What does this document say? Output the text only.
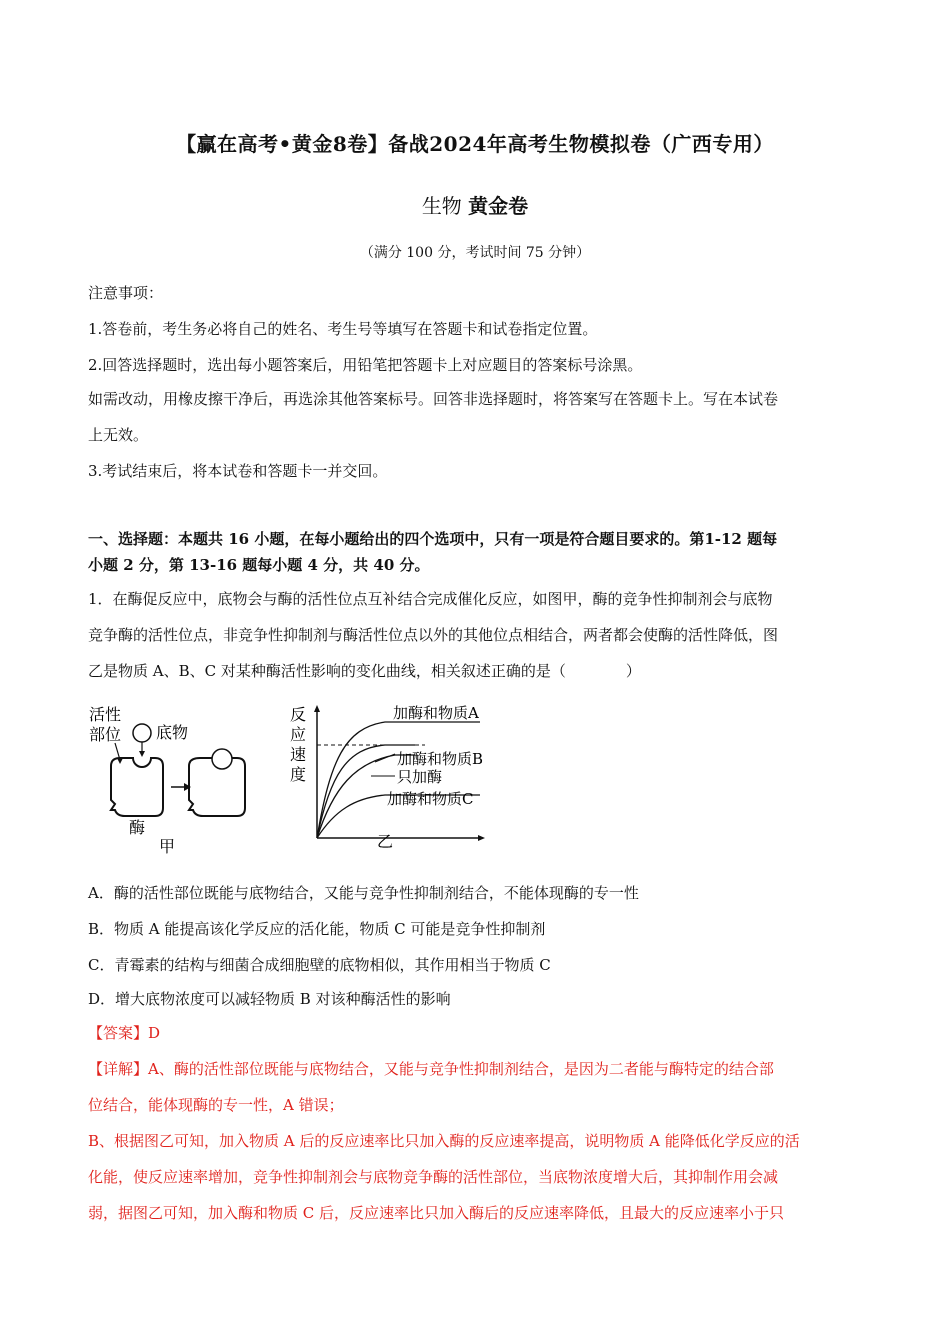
【赢在高考•黄金8卷】备战2024年高考生物模拟卷（广西专用）
生物 黄金卷
（满分 100 分，考试时间 75 分钟）
注意事项：
1.答卷前，考生务必将自己的姓名、考生号等填写在答题卡和试卷指定位置。
2.回答选择题时，选出每小题答案后，用铅笔把答题卡上对应题目的答案标号涂黑。
如需改动，用橡皮擦干净后，再选涂其他答案标号。回答非选择题时，将答案写在答题卡上。写在本试卷
上无效。
3.考试结束后，将本试卷和答题卡一并交回。
一、选择题：本题共 16 小题，在每小题给出的四个选项中，只有一项是符合题目要求的。第1-12 题每
小题 2 分，第 13-16 题每小题 4 分，共 40 分。
1．在酶促反应中，底物会与酶的活性位点互补结合完成催化反应，如图甲，酶的竞争性抑制剂会与底物
竞争酶的活性位点，非竞争性抑制剂与酶活性位点以外的其他位点相结合，两者都会使酶的活性降低，图
乙是物质 A、B、C 对某种酶活性影响的变化曲线，相关叙述正确的是（　　　　）
活性
部位 底物
酶
甲
反
应
速
度
加酶和物质A
加酶和物质B
只加酶
加酶和物质C
乙
A．酶的活性部位既能与底物结合，又能与竞争性抑制剂结合，不能体现酶的专一性
B．物质 A 能提高该化学反应的活化能，物质 C 可能是竞争性抑制剂
C．青霉素的结构与细菌合成细胞壁的底物相似，其作用相当于物质 C
D．增大底物浓度可以减轻物质 B 对该种酶活性的影响
【答案】D
【详解】A、酶的活性部位既能与底物结合，又能与竞争性抑制剂结合，是因为二者能与酶特定的结合部
位结合，能体现酶的专一性，A 错误；
B、根据图乙可知，加入物质 A 后的反应速率比只加入酶的反应速率提高，说明物质 A 能降低化学反应的活
化能，使反应速率增加，竞争性抑制剂会与底物竞争酶的活性部位，当底物浓度增大后，其抑制作用会减
弱，据图乙可知，加入酶和物质 C 后，反应速率比只加入酶后的反应速率降低，且最大的反应速率小于只
